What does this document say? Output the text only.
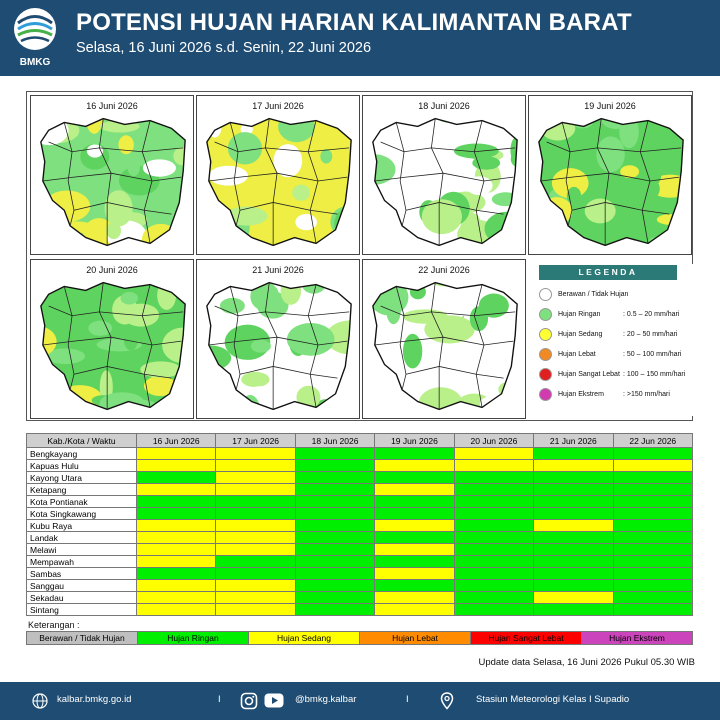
BMKG
POTENSI HUJAN HARIAN KALIMANTAN BARAT
Selasa, 16 Juni 2026 s.d. Senin, 22 Juni 2026
16 Juni 2026	17 Juni 2026	18 Juni 2026	19 Juni 2026
20 Juni 2026	21 Juni 2026	22 Juni 2026	LEGENDA
Berawan / Tidak Hujan
Hujan Ringan	: 0.5 – 20 mm/hari
Hujan Sedang	: 20 – 50 mm/hari
Hujan Lebat	: 50 – 100 mm/hari
Hujan Sangat Lebat : 100 – 150 mm/hari
Hujan Ekstrem	: >150 mm/hari
Kab./Kota / Waktu	16 Jun 2026	17 Jun 2026	18 Jun 2026	19 Jun 2026	20 Jun 2026	21 Jun 2026	22 Jun 2026
Bengkayang							
Kapuas Hulu							
Kayong Utara							
Ketapang							
Kota Pontianak							
Kota Singkawang							
Kubu Raya							
Landak							
Melawi							
Mempawah							
Sambas							
Sanggau							
Sekadau							
Sintang							
Keterangan :
Berawan / Tidak Hujan	Hujan Ringan	Hujan Sedang	Hujan Lebat	Hujan Sangat Lebat	Hujan Ekstrem
Update data Selasa, 16 Juni 2026 Pukul 05.30 WIB
kalbar.bmkg.go.id	I	@bmkg.kalbar	I	Stasiun Meteorologi Kelas I Supadio
